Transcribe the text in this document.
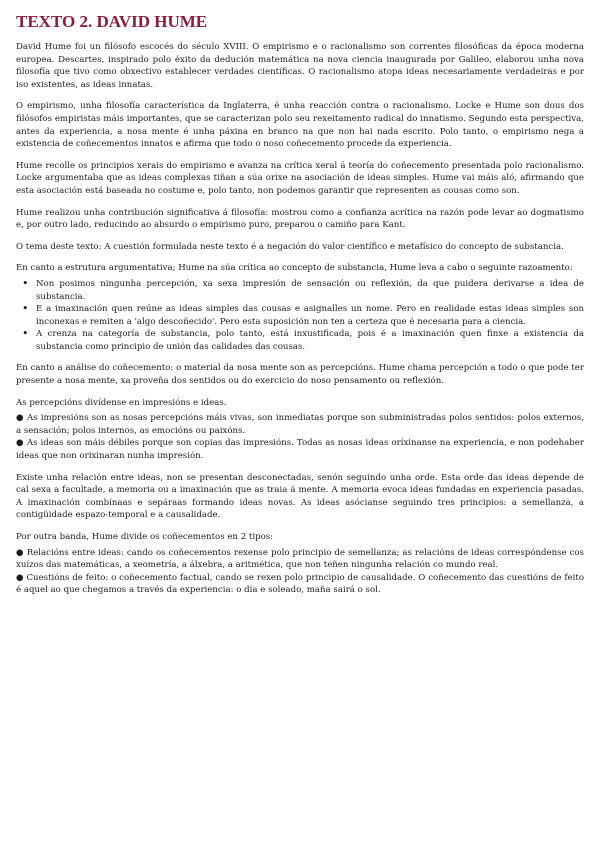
TEXTO 2. DAVID HUME

David Hume foi un filósofo escocés do século XVIII. O empirismo e o racionalismo son correntes filosóficas da época moderna europea. Descartes, inspirado polo éxito da dedución matemática na nova ciencia inaugurada por Galileo, elaborou unha nova filosofía que tivo como obxectivo establecer verdades científicas. O racionalismo atopa ideas necesariamente verdadeiras e por iso existentes, as ideas innatas.

O empirismo, unha filosofía característica da Inglaterra, é unha reacción contra o racionalismo. Locke e Hume son dous dos filósofos empiristas máis importantes, que se caracterizan polo seu rexeitamento radical do innatismo. Segundo esta perspectiva, antes da experiencia, a nosa mente é unha páxina en branco na que non hai nada escrito. Polo tanto, o empirismo nega a existencia de coñecementos innatos e afirma que todo o noso coñecemento procede da experiencia.

Hume recolle os principios xerais do empirismo e avanza na crítica xeral á teoría do coñecemento presentada polo racionalismo. Locke argumentaba que as ideas complexas tiñan a súa orixe na asociación de ideas simples. Hume vai máis aló, afirmando que esta asociación está baseada no costume e, polo tanto, non podemos garantir que representen as cousas como son.

Hume realizou unha contribución significativa á filosofía: mostrou como a confianza acrítica na razón pode levar ao dogmatismo e, por outro lado, reducindo ao absurdo o empirismo puro, preparou o camiño para Kant.

O tema deste texto: A cuestión formulada neste texto é a negación do valor científico e metafísico do concepto de substancia.

En canto a estrutura argumentativa; Hume na súa crítica ao concepto de substancia, Hume leva a cabo o seguinte razoamento:

• Non posimos ningunha percepción, xa sexa impresión de sensación ou reflexión, da que puidera derivarse a idea de substancia.
• E a imaxinación quen reúne as ideas simples das cousas e asignalles un nome. Pero en realidade estas ideas simples son inconexas e remiten a 'algo descoñecido'. Pero esta suposición non ten a certeza que é necesaria para a ciencia.
• A crenza na categoría de substancia, polo tanto, está inxustificada, pois é a imaxinación quen finxe a existencia da substancia como principio de unión das calidades das cousas.

En canto a análise do coñecemento: o material da nosa mente son as percepcións. Hume chama percepción a todo o que pode ter presente a nosa mente, xa proveña dos sentidos ou do exercicio do noso pensamento ou reflexión.

As percepcións divídense en impresións e ideas.

● As impresións son as nosas percepcións máis vivas, son inmediatas porque son subministradas polos sentidos: polos externos, a sensación; polos internos, as emocións ou paixóns.

● As ideas son máis débiles porque son copias das impresións. Todas as nosas ideas oríxinanse na experiencia, e non podehaber ideas que non orixinaran nunha impresión.

Existe unha relación entre ideas, non se presentan desconectadas, senón seguindo unha orde. Esta orde das ideas depende de cal sexa a facultade, a memoria ou a imaxinación que as traia á mente. A memoria evoca ideas fundadas en experiencia pasadas. A imaxinación combínaas e sepáraas formando ideas novas. As ideas asócianse seguindo tres principios: a semellanza, a contigüidade espazo-temporal e a causalidade.

Por outra banda, Hume divide os coñecementos en 2 tipos:

● Relacións entre ideas: cando os coñecementos rexense polo principio de semellanza; as relacións de ideas correspóndense cos xuízos das matemáticas, a xeometría, a álxebra, a aritmética, que non teñen ningunha relación co mundo real.

● Cuestións de feito: o coñecemento factual, cando se rexen polo principio de causalidade. O coñecemento das cuestións de feito é aquel ao que chegamos a través da experiencia: o día e soleado, maña sairá o sol.
